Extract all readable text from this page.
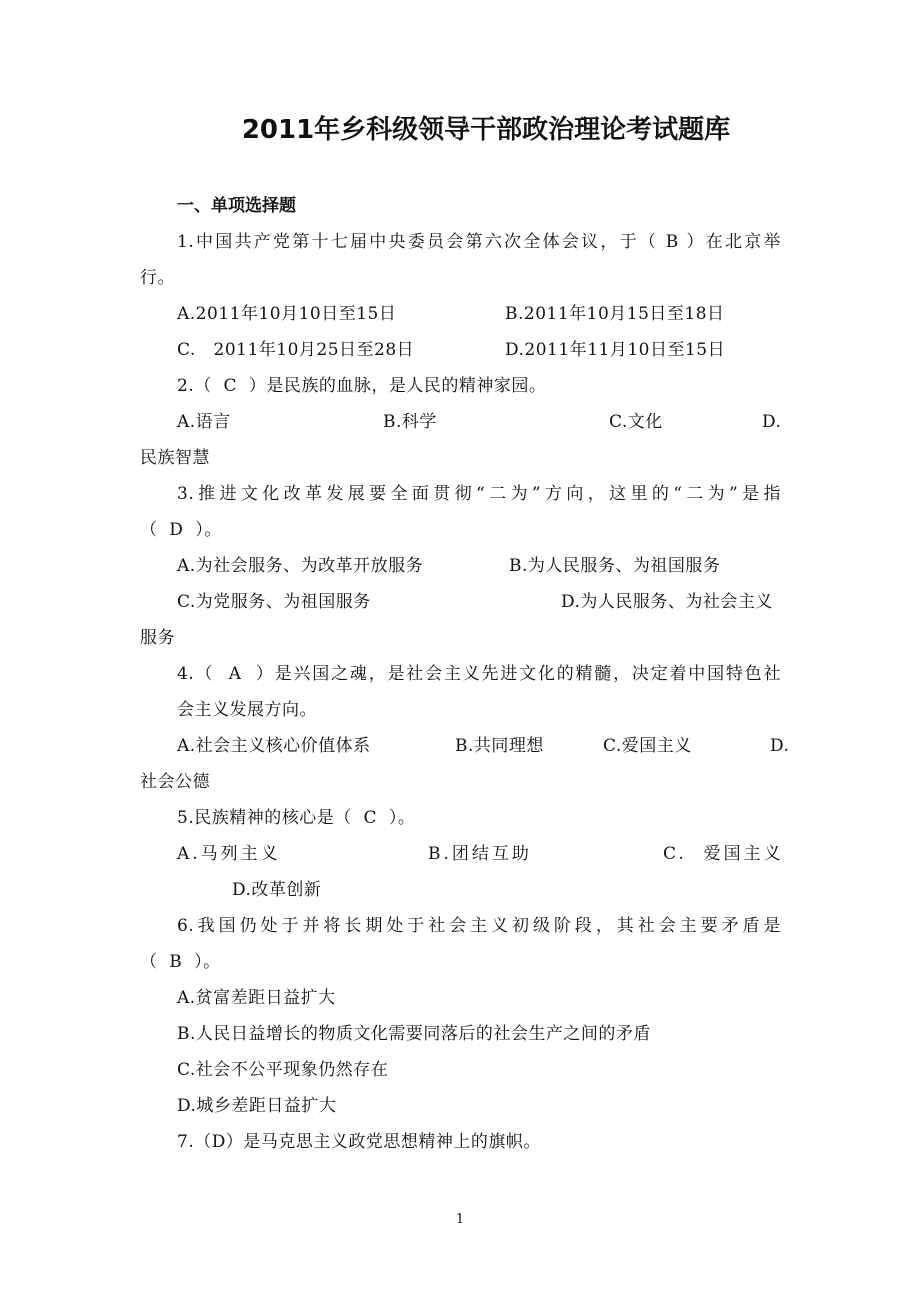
2011年乡科级领导干部政治理论考试题库
一、单项选择题
1.中国共产党第十七届中央委员会第六次全体会议，于（ B ）在北京举
行。
A.2011年10月10日至15日	B.2011年10月15日至18日
C.   2011年10月25日至28日	D.2011年11月10日至15日
2.（  C  ）是民族的血脉，是人民的精神家园。
A.语言	B.科学	C.文化	D.
民族智慧
3.推进文化改革发展要全面贯彻“二为”方向，这里的“二为”是指
（  D  ）。
A.为社会服务、为改革开放服务	B.为人民服务、为祖国服务
C.为党服务、为祖国服务	D.为人民服务、为社会主义
服务
4.（  A  ）是兴国之魂，是社会主义先进文化的精髓，决定着中国特色社
会主义发展方向。
A.社会主义核心价值体系	B.共同理想	C.爱国主义	D.
社会公德
5.民族精神的核心是（  C  ）。
A.马列主义	B.团结互助	C.  爱国主义
D.改革创新
6.我国仍处于并将长期处于社会主义初级阶段，其社会主要矛盾是
（  B  ）。
A.贫富差距日益扩大
B.人民日益增长的物质文化需要同落后的社会生产之间的矛盾
C.社会不公平现象仍然存在
D.城乡差距日益扩大
7.（D）是马克思主义政党思想精神上的旗帜。
1
